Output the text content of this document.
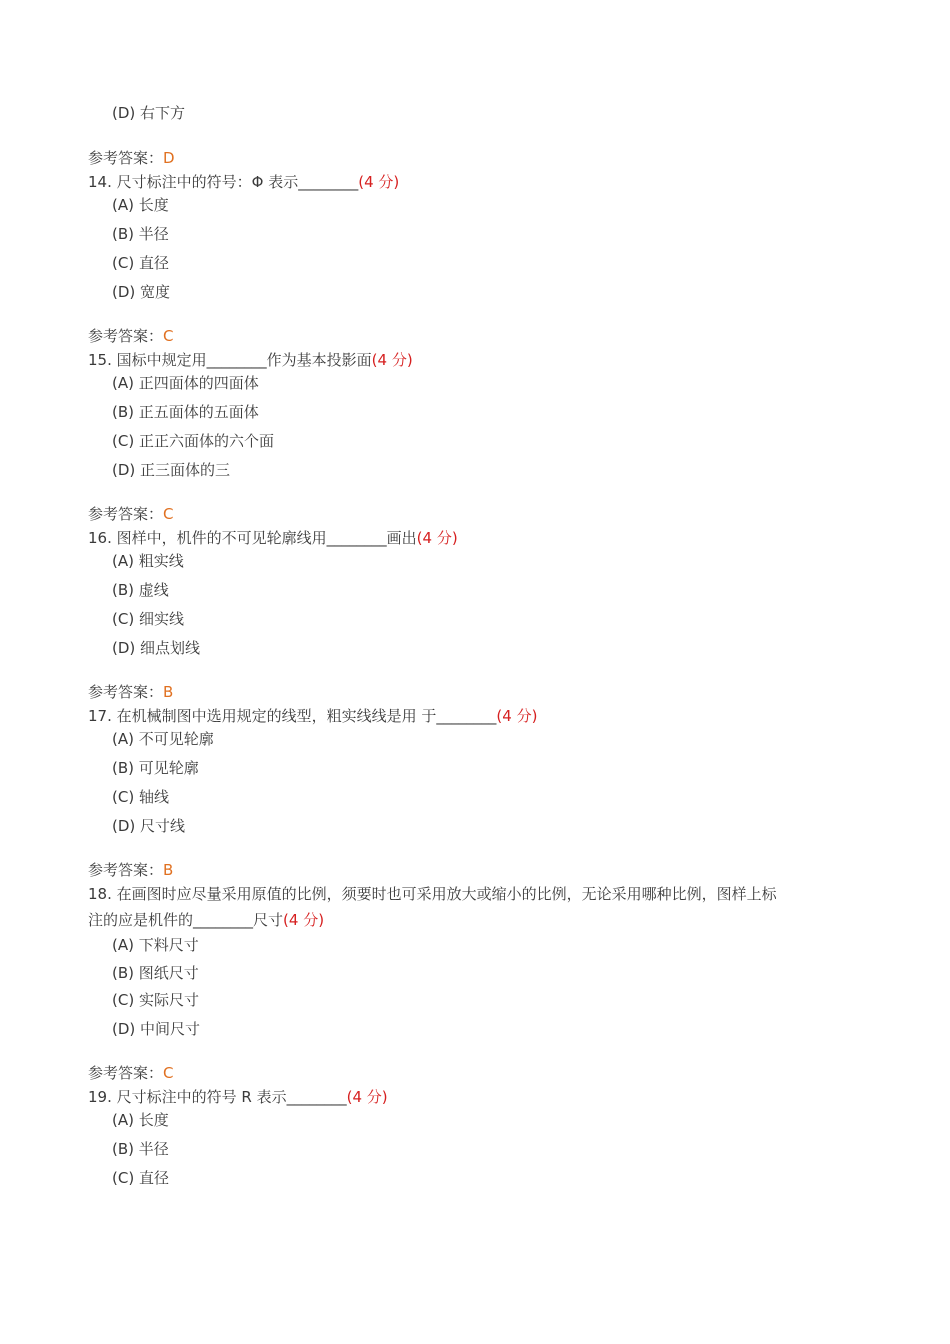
(D) 右下方
参考答案：D
14. 尺寸标注中的符号：Φ 表示________(4 分)
(A) 长度
(B) 半径
(C) 直径
(D) 宽度
参考答案：C
15. 国标中规定用________作为基本投影面(4 分)
(A) 正四面体的四面体
(B) 正五面体的五面体
(C) 正正六面体的六个面
(D) 正三面体的三
参考答案：C
16. 图样中，机件的不可见轮廓线用________画出(4 分)
(A) 粗实线
(B) 虚线
(C) 细实线
(D) 细点划线
参考答案：B
17. 在机械制图中选用规定的线型，粗实线线是用 于________(4 分)
(A) 不可见轮廓
(B) 可见轮廓
(C) 轴线
(D) 尺寸线
参考答案：B
18. 在画图时应尽量采用原值的比例，须要时也可采用放大或缩小的比例，无论采用哪种比例，图样上标
注的应是机件的________尺寸(4 分)
(A) 下料尺寸
(B) 图纸尺寸
(C) 实际尺寸
(D) 中间尺寸
参考答案：C
19. 尺寸标注中的符号 R 表示________(4 分)
(A) 长度
(B) 半径
(C) 直径
